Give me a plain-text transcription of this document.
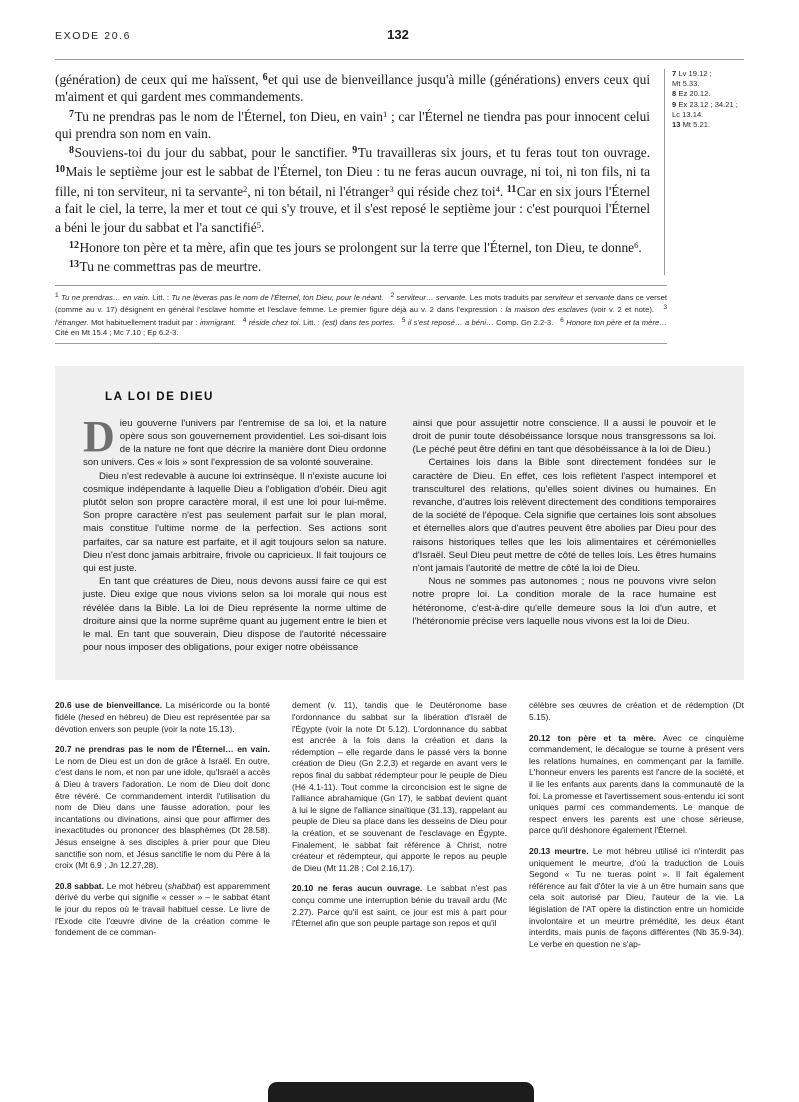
EXODE 20.6	132

(génération) de ceux qui me haïssent, $^6$et qui use de bienveillance jusqu'à mille (générations) envers ceux qui m'aiment et qui gardent mes commandements.

$^7$Tu ne prendras pas le nom de l'Éternel, ton Dieu, en vain$^1$ ; car l'Éternel ne tiendra pas pour innocent celui qui prendra son nom en vain.

$^8$Souviens-toi du jour du sabbat, pour le sanctifier. $^9$Tu travailleras six jours, et tu feras tout ton ouvrage. $^{10}$Mais le septième jour est le sabbat de l'Éternel, ton Dieu : tu ne feras aucun ouvrage, ni toi, ni ton fils, ni ta fille, ni ton serviteur, ni ta servante$^2$, ni ton bétail, ni l'étranger$^3$ qui réside chez toi$^4$. $^{11}$Car en six jours l'Éternel a fait le ciel, la terre, la mer et tout ce qui s'y trouve, et il s'est reposé le septième jour : c'est pourquoi l'Éternel a béni le jour du sabbat et l'a sanctifié$^5$.

$^{12}$Honore ton père et ta mère, afin que tes jours se prolongent sur la terre que l'Éternel, ton Dieu, te donne$^6$.

$^{13}$Tu ne commettras pas de meurtre.

7 Lv 19.12 ;
Mt 5.33.
8 Ez 20.12.
9 Ex 23.12 ; 34.21 ;
Lc 13.14.
13 Mt 5.21.
1 Tu ne prendras… en vain. Litt. : Tu ne lèveras pas le nom de l'Éternel, ton Dieu, pour le néant. 2 serviteur… servante. Les mots traduits par serviteur et servante dans ce verset (comme au v. 17) désignent en général l'esclave homme et l'esclave femme. Le premier figure déjà au v. 2 dans l'expression : la maison des esclaves (voir v. 2 et note).   3 l'étranger. Mot habituellement traduit par : immigrant. 4 réside chez toi. Litt. : (est) dans tes portes. 5 il s'est reposé… a béni… Comp. Gn 2.2-3.   6 Honore ton père et ta mère… Cité en Mt 15.4 ; Mc 7.10 ; Ep 6.2-3.
LA LOI DE DIEU

Dieu gouverne l'univers par l'entremise de sa loi, et la nature opère sous son gouvernement providentiel. Les soi-disant lois de la nature ne font que décrire la manière dont Dieu ordonne son univers. Ces « lois » sont l'expression de sa volonté souveraine.

Dieu n'est redevable à aucune loi extrinsèque. Il n'existe aucune loi cosmique indépendante à laquelle Dieu a l'obligation d'obéir. Dieu agit plutôt selon son propre caractère moral, il est une loi pour lui-même. Son propre caractère n'est pas seulement parfait sur le plan moral, mais constitue l'ultime norme de la perfection. Ses actions sont parfaites, car sa nature est parfaite, et il agit toujours selon sa nature. Dieu n'est donc jamais arbitraire, frivole ou capricieux. Il fait toujours ce qui est juste.

En tant que créatures de Dieu, nous devons aussi faire ce qui est juste. Dieu exige que nous vivions selon sa loi morale qui nous est révélée dans la Bible. La loi de Dieu représente la norme ultime de droiture ainsi que la norme suprême quant au jugement entre le bien et le mal. En tant que souverain, Dieu dispose de l'autorité nécessaire pour nous imposer des obligations, pour exiger notre obéissance

ainsi que pour assujettir notre conscience. Il a aussi le pouvoir et le droit de punir toute désobéissance lorsque nous transgressons sa loi. (Le péché peut être défini en tant que désobéissance à la loi de Dieu.)

Certaines lois dans la Bible sont directement fondées sur le caractère de Dieu. En effet, ces lois reflètent l'aspect intemporel et transculturel des relations, qu'elles soient divines ou humaines. En revanche, d'autres lois relèvent directement des conditions temporaires de la société de l'époque. Cela signifie que certaines lois sont absolues et éternelles alors que d'autres peuvent être abolies par Dieu pour des raisons historiques telles que les lois alimentaires et cérémonielles d'Israël. Seul Dieu peut mettre de côté de telles lois. Les êtres humains n'ont jamais l'autorité de mettre de côté la loi de Dieu.

Nous ne sommes pas autonomes ; nous ne pouvons vivre selon notre propre loi. La condition morale de la race humaine est hétéronome, c'est-à-dire qu'elle demeure sous la loi d'un autre, et l'hétéronomie précise vers laquelle nous vivons est la loi de Dieu.

20.6 use de bienveillance. La miséricorde ou la bonté fidèle (hesed en hébreu) de Dieu est représentée par sa dévotion envers son peuple (voir la note 15.13).

20.7 ne prendras pas le nom de l'Éternel… en vain. Le nom de Dieu est un don de grâce à Israël. En outre, c'est dans le nom, et non par une idole, qu'Israël a accès à Dieu à travers l'adoration. Le nom de Dieu doit donc être révéré. Ce commandement interdit l'utilisation du nom de Dieu dans une fausse adoration, pour les incantations ou divinations, ainsi que pour affirmer des inexactitudes ou prononcer des blasphèmes (Dt 28.58). Jésus enseigne à ses disciples à prier pour que Dieu sanctifie son nom, et Jésus sanctifie le nom du Père à la croix (Mt 6.9 ; Jn 12.27,28).

20.8 sabbat. Le mot hébreu (shabbat) est apparemment dérivé du verbe qui signifie « cesser » – le sabbat étant le jour du repos où le travail habituel cesse. Le livre de l'Exode cite l'œuvre divine de la création comme le fondement de ce comman-

dement (v. 11), tandis que le Deutéronome base l'ordonnance du sabbat sur la libération d'Israël de l'Égypte (voir la note Dt 5.12). L'ordonnance du sabbat est ancrée à la fois dans la création et dans la rédemption – elle regarde dans le passé vers la bonne création de Dieu (Gn 2.2,3) et regarde en avant vers le repos final du sabbat rédempteur pour le peuple de Dieu (Hé 4.1-11). Tout comme la circoncision est le signe de l'alliance abrahamique (Gn 17), le sabbat devient quant à lui le signe de l'alliance sinaïtique (31.13), rappelant au peuple de Dieu sa place dans les desseins de Dieu pour la création, et se souvenant de l'esclavage en Égypte. Finalement, le sabbat fait référence à Christ, notre créateur et rédempteur, qui apporte le repos au peuple de Dieu (Mt 11.28 ; Col 2.16,17).

20.10 ne feras aucun ouvrage. Le sabbat n'est pas conçu comme une interruption bénie du travail ardu (Mc 2.27). Parce qu'il est saint, ce jour est mis à part pour l'Éternel afin que son peuple partage son repos et qu'il

célèbre ses œuvres de création et de rédemption (Dt 5.15).

20.12 ton père et ta mère. Avec ce cinquième commandement, le décalogue se tourne à présent vers les relations humaines, en commençant par la famille. L'honneur envers les parents est l'ancre de la société, et il lie les enfants aux parents dans la communauté de la foi. La promesse et l'avertissement sous-entendu ici sont uniques parmi ces commandements. Le manque de respect envers les parents est une chose sérieuse, parce qu'il déshonore également l'Éternel.

20.13 meurtre. Le mot hébreu utilisé ici n'interdit pas uniquement le meurtre, d'où la traduction de Louis Segond « Tu ne tueras point ». Il fait également référence au fait d'ôter la vie à un être humain sans que cela soit autorisé par Dieu, l'auteur de la vie. La législation de l'AT opère la distinction entre un homicide involontaire et un meurtre prémédité, les deux étant interdits, mais punis de façons différentes (Nb 35.9-34). Le verbe en question ne s'ap-
